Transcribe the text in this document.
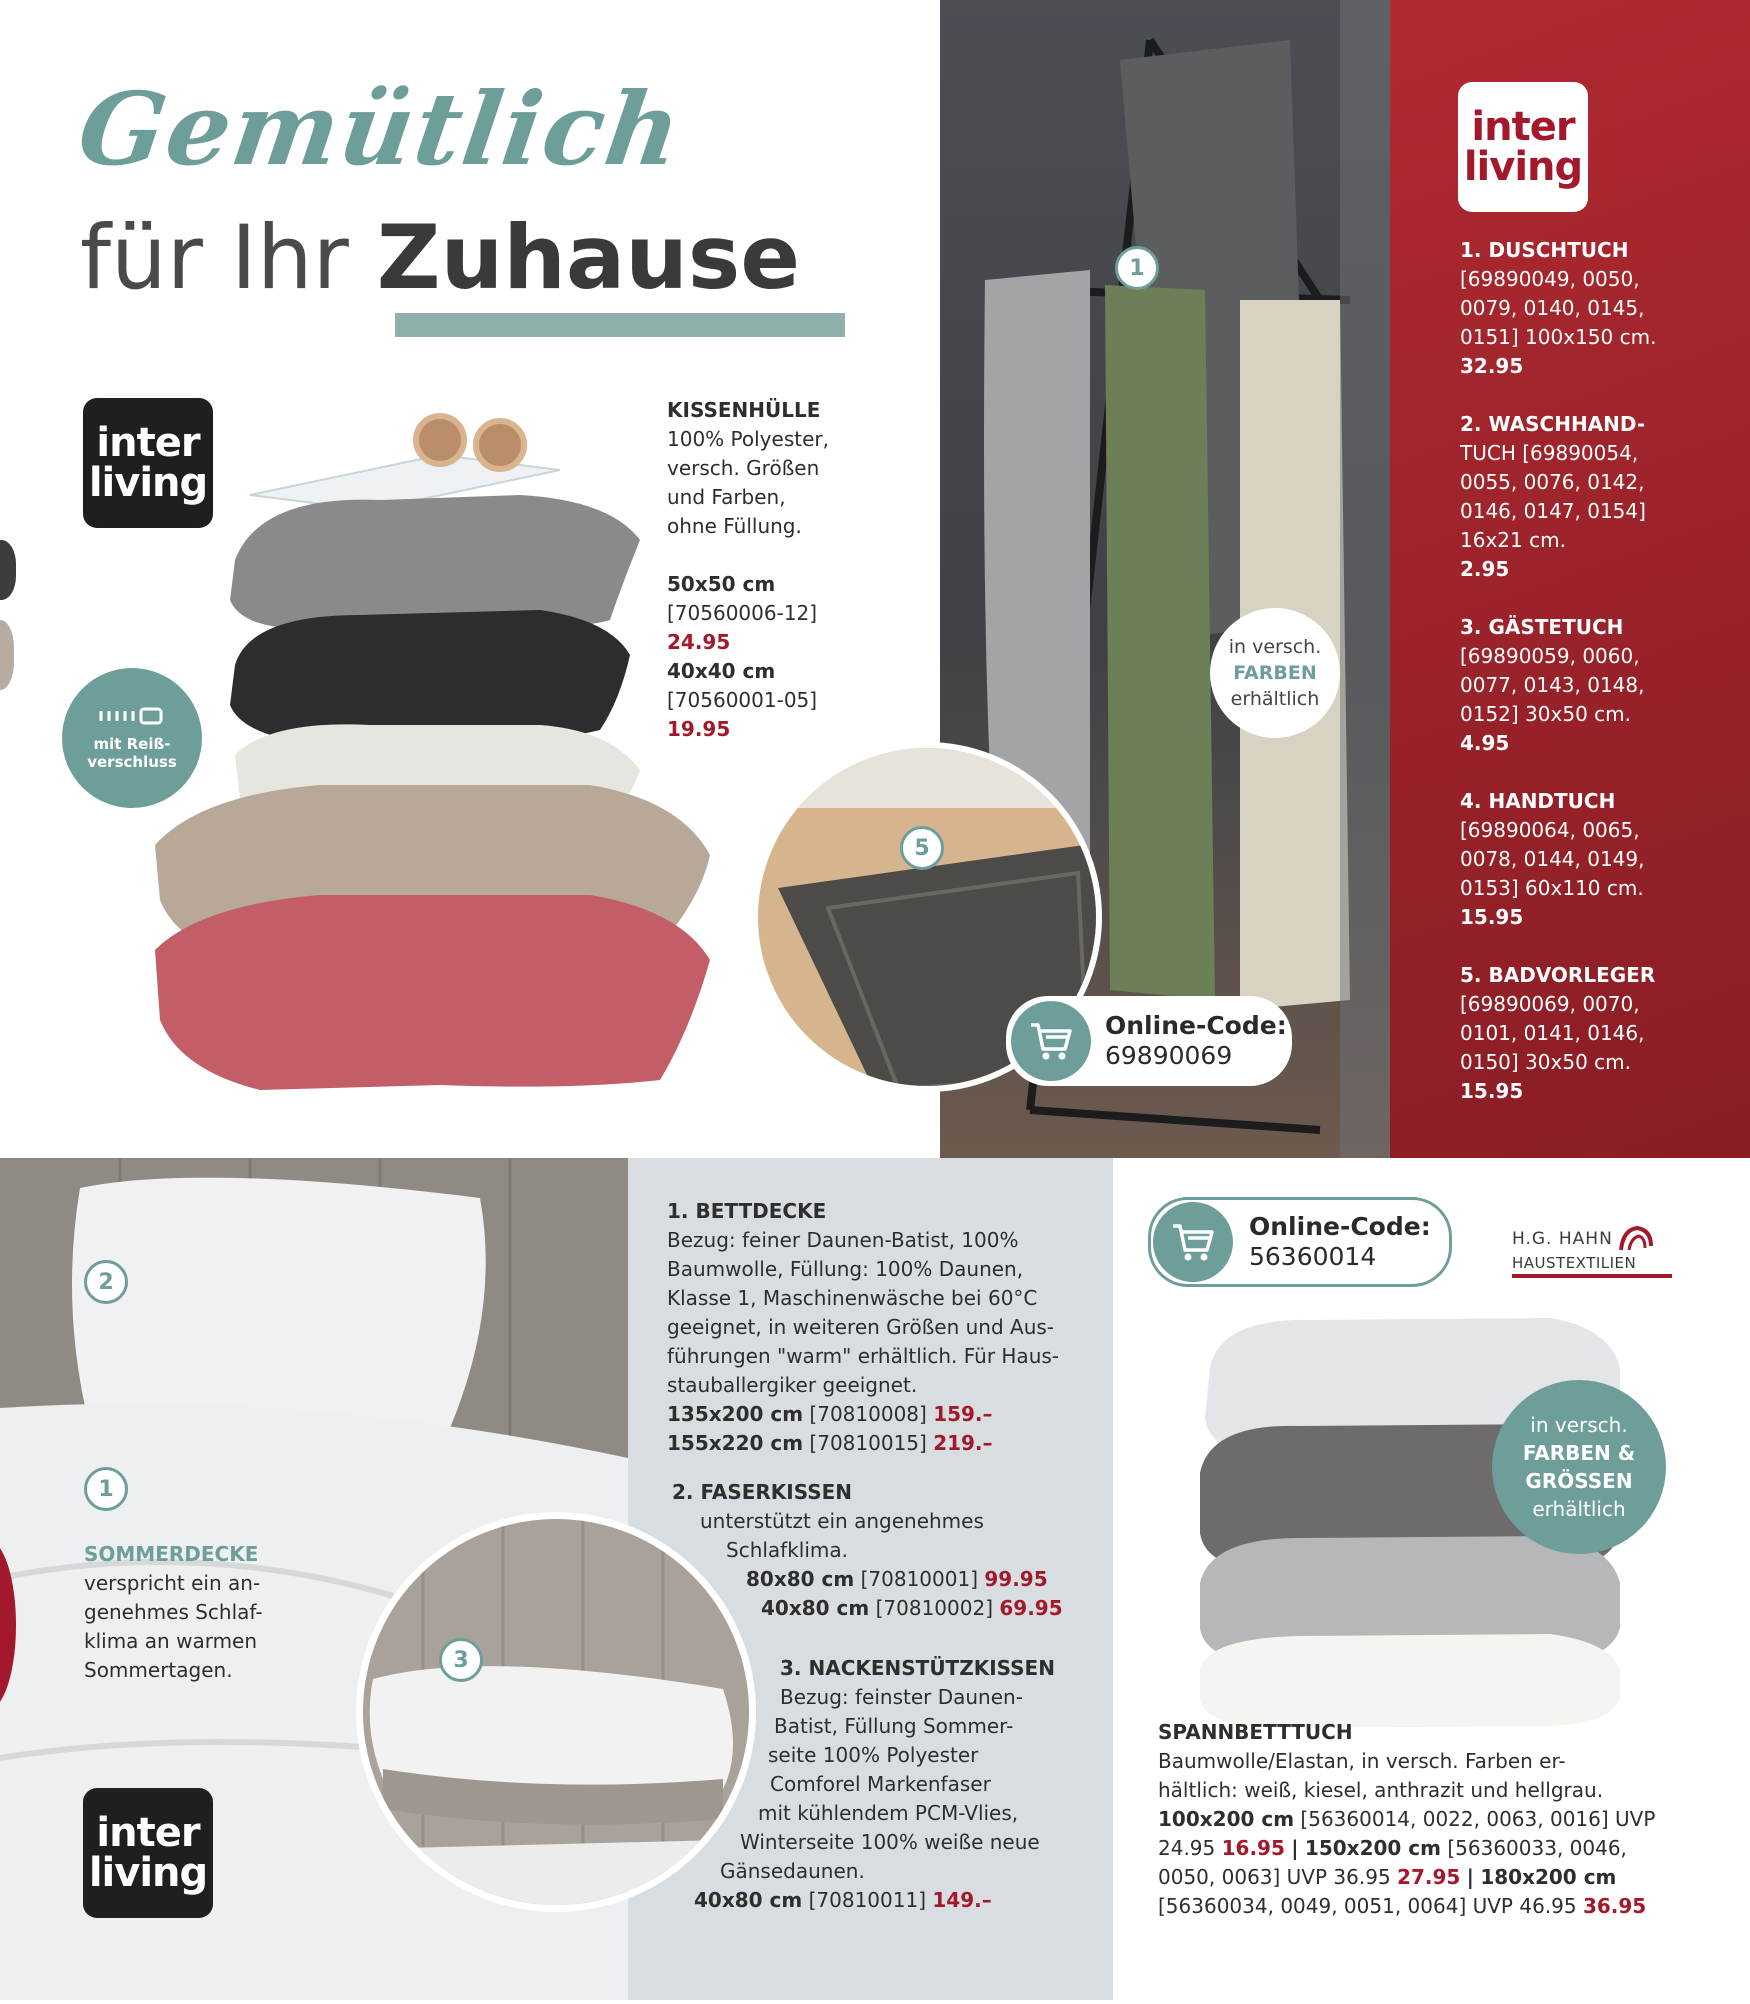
Gemütlich
für Ihr Zuhause
inter
living
mit Reiß-
verschluss
KISSENHÜLLE
100% Polyester,
versch. Größen
und Farben,
ohne Füllung.
50x50 cm
[70560006-12]
24.95
40x40 cm
[70560001-05]
19.95
1
in versch.
FARBEN
erhältlich
5
Online-Code:
69890069
inter
living
1. DUSCHTUCH
[69890049, 0050,
0079, 0140, 0145,
0151] 100x150 cm.
32.95
2. WASCHHAND-
TUCH [69890054,
0055, 0076, 0142,
0146, 0147, 0154]
16x21 cm.
2.95
3. GÄSTETUCH
[69890059, 0060,
0077, 0143, 0148,
0152] 30x50 cm.
4.95
4. HANDTUCH
[69890064, 0065,
0078, 0144, 0149,
0153] 60x110 cm.
15.95
5. BADVORLEGER
[69890069, 0070,
0101, 0141, 0146,
0150] 30x50 cm.
15.95
2
1
SOMMERDECKE
verspricht ein an-
genehmes Schlaf-
klima an warmen
Sommertagen.
inter
living
3
1. BETTDECKE
Bezug: feiner Daunen-Batist, 100%
Baumwolle, Füllung: 100% Daunen,
Klasse 1, Maschinenwäsche bei 60°C
geeignet, in weiteren Größen und Aus-
führungen "warm" erhältlich. Für Haus-
stauballergiker geeignet.
135x200 cm [70810008] 159.–
155x220 cm [70810015] 219.–
2. FASERKISSEN
unterstützt ein angenehmes
Schlafklima.
80x80 cm [70810001] 99.95
40x80 cm [70810002] 69.95
3. NACKENSTÜTZKISSEN
Bezug: feinster Daunen-
Batist, Füllung Sommer-
seite 100% Polyester
Comforel Markenfaser
mit kühlendem PCM-Vlies,
Winterseite 100% weiße neue
Gänsedaunen.
40x80 cm [70810011] 149.–
Online-Code:
56360014
H.G. HAHN
HAUSTEXTILIEN
in versch.
FARBEN &
GRÖSSEN
erhältlich
SPANNBETTTUCH
Baumwolle/Elastan, in versch. Farben er-
hältlich: weiß, kiesel, anthrazit und hellgrau.
100x200 cm [56360014, 0022, 0063, 0016] UVP
24.95 16.95 | 150x200 cm [56360033, 0046,
0050, 0063] UVP 36.95 27.95 | 180x200 cm
[56360034, 0049, 0051, 0064] UVP 46.95 36.95
